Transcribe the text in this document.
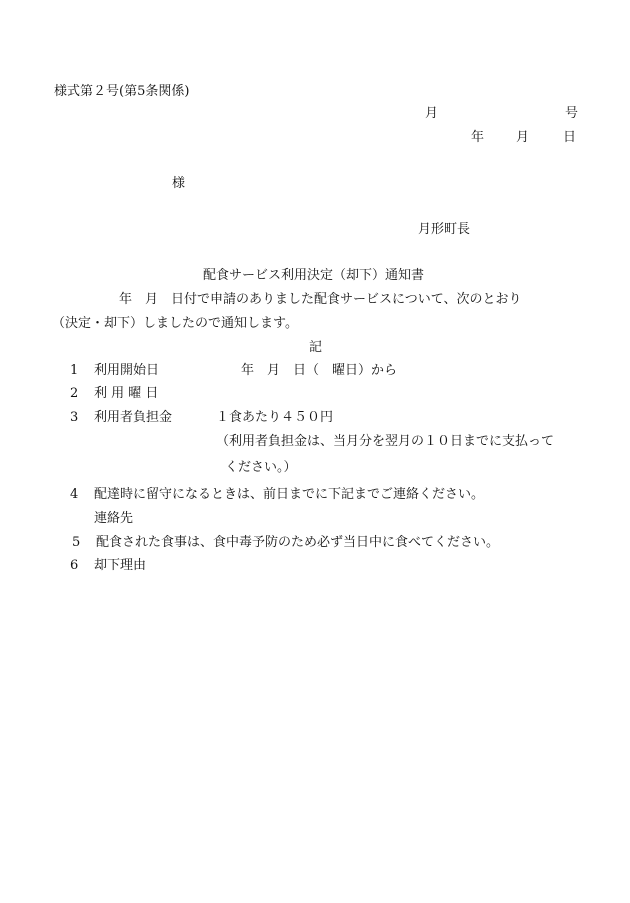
様式第２号(第5条関係)
月	号
年 月	日
様
月形町長
配食サービス利用決定（却下）通知書
年　月　日付で申請のありました配食サービスについて、次のとおり
（決定・却下）しましたので通知します。
記
1 利用開始日	年　月　日（　曜日）から
2 利 用 曜 日
3 利用者負担金	１食あたり４５０円
（利用者負担金は、当月分を翌月の１０日までに支払って
ください。）
4 配達時に留守になるときは、前日までに下記までご連絡ください。
連絡先
5 配食された食事は、食中毒予防のため必ず当日中に食べてください。
6 却下理由
